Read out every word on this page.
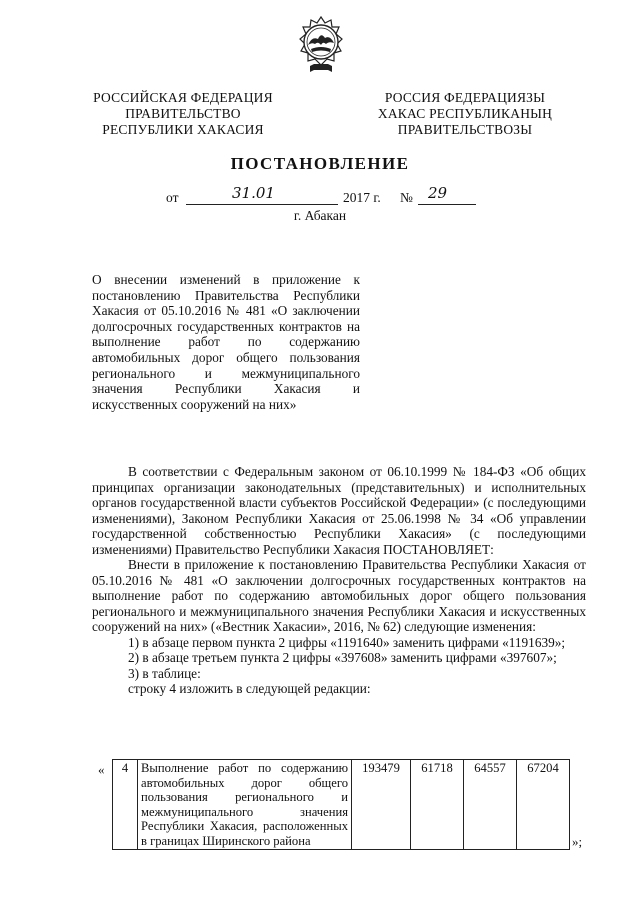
РОССИЙСКАЯ ФЕДЕРАЦИЯ
ПРАВИТЕЛЬСТВО
РЕСПУБЛИКИ ХАКАСИЯ
РОССИЯ ФЕДЕРАЦИЯЗЫ
ХАКАС РЕСПУБЛИКАНЫҢ
ПРАВИТЕЛЬСТВОЗЫ
ПОСТАНОВЛЕНИЕ
от	31.01	2017 г. № 29
г. Абакан

О внесении изменений в приложение к постановлению Правительства Республики Хакасия от 05.10.2016 № 481 «О заключении долгосрочных государственных контрактов на выполнение работ по содержанию автомобильных дорог общего пользования регионального и межмуниципального значения Республики Хакасия и искусственных сооружений на них»

В соответствии с Федеральным законом от 06.10.1999 № 184-ФЗ «Об общих принципах организации законодательных (представительных) и исполнительных органов государственной власти субъектов Российской Федерации» (с последующими изменениями), Законом Республики Хакасия от 25.06.1998 № 34 «Об управлении государственной собственностью Республики Хакасия» (с последующими изменениями) Правительство Республики Хакасия ПОСТАНОВЛЯЕТ:

Внести в приложение к постановлению Правительства Республики Хакасия от 05.10.2016 № 481 «О заключении долгосрочных государственных контрактов на выполнение работ по содержанию автомобильных дорог общего пользования регионального и межмуниципального значения Республики Хакасия и искусственных сооружений на них» («Вестник Хакасии», 2016, № 62) следующие изменения:

1) в абзаце первом пункта 2 цифры «1191640» заменить цифрами «1191639»;

2) в абзаце третьем пункта 2 цифры «397608» заменить цифрами «397607»;

3) в таблице:

строку 4 изложить в следующей редакции:

« 4	Выполнение работ по содержанию автомобильных дорог общего пользования регионального и межмуниципального значения Республики Хакасия, расположенных в границах Ширинского района	193479	61718	64557	67204
»;
